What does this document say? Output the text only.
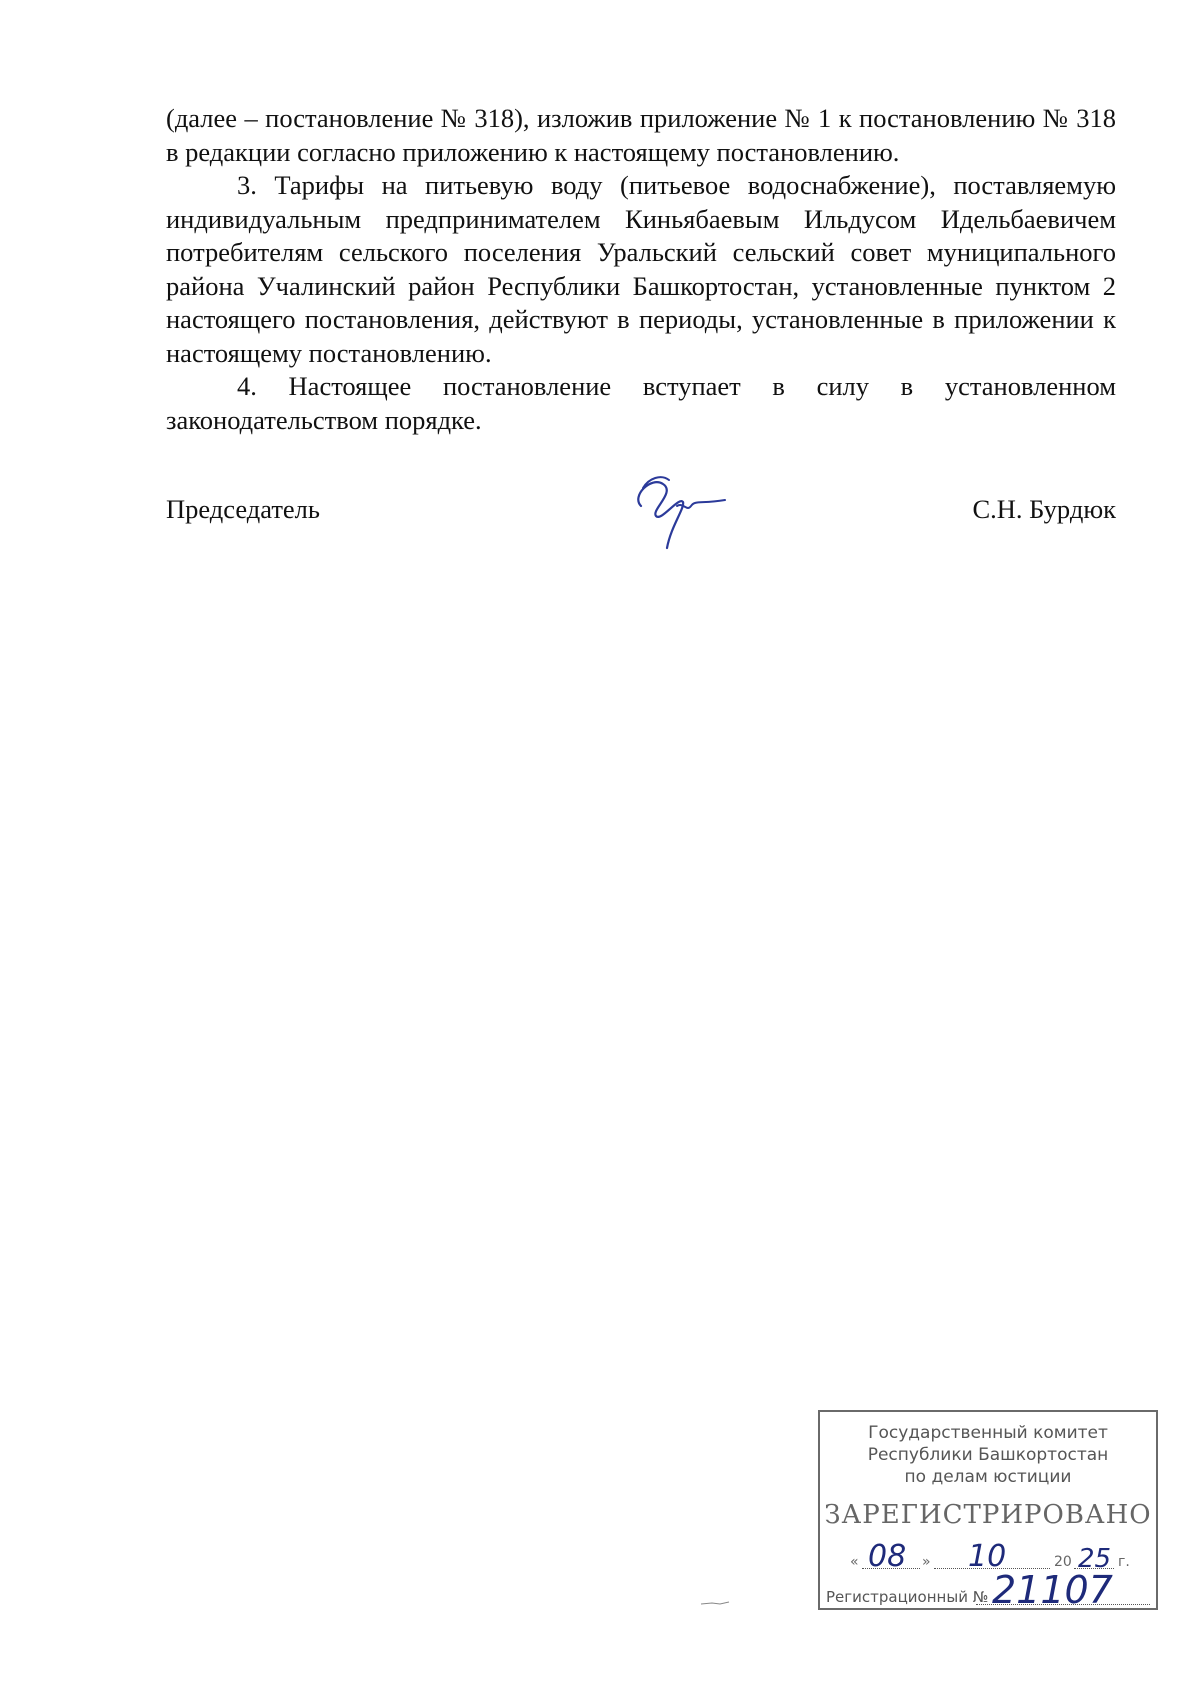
(далее – постановление № 318), изложив приложение № 1 к постановлению № 318 в редакции согласно приложению к настоящему постановлению.

3. Тарифы на питьевую воду (питьевое водоснабжение), поставляемую индивидуальным предпринимателем Киньябаевым Ильдусом Идельбаевичем потребителям сельского поселения Уральский сельский совет муниципального района Учалинский район Республики Башкортостан, установленные пунктом 2 настоящего постановления, действуют в периоды, установленные в приложении к настоящему постановлению.

4. Настоящее постановление вступает в силу в установленном законодательством порядке.

Председатель	С.Н. Бурдюк
Государственный комитет
Республики Башкортостан
по делам юстиции
ЗАРЕГИСТРИРОВАНО
« 08 » 10	20 25 г.
Регистрационный № 21107
